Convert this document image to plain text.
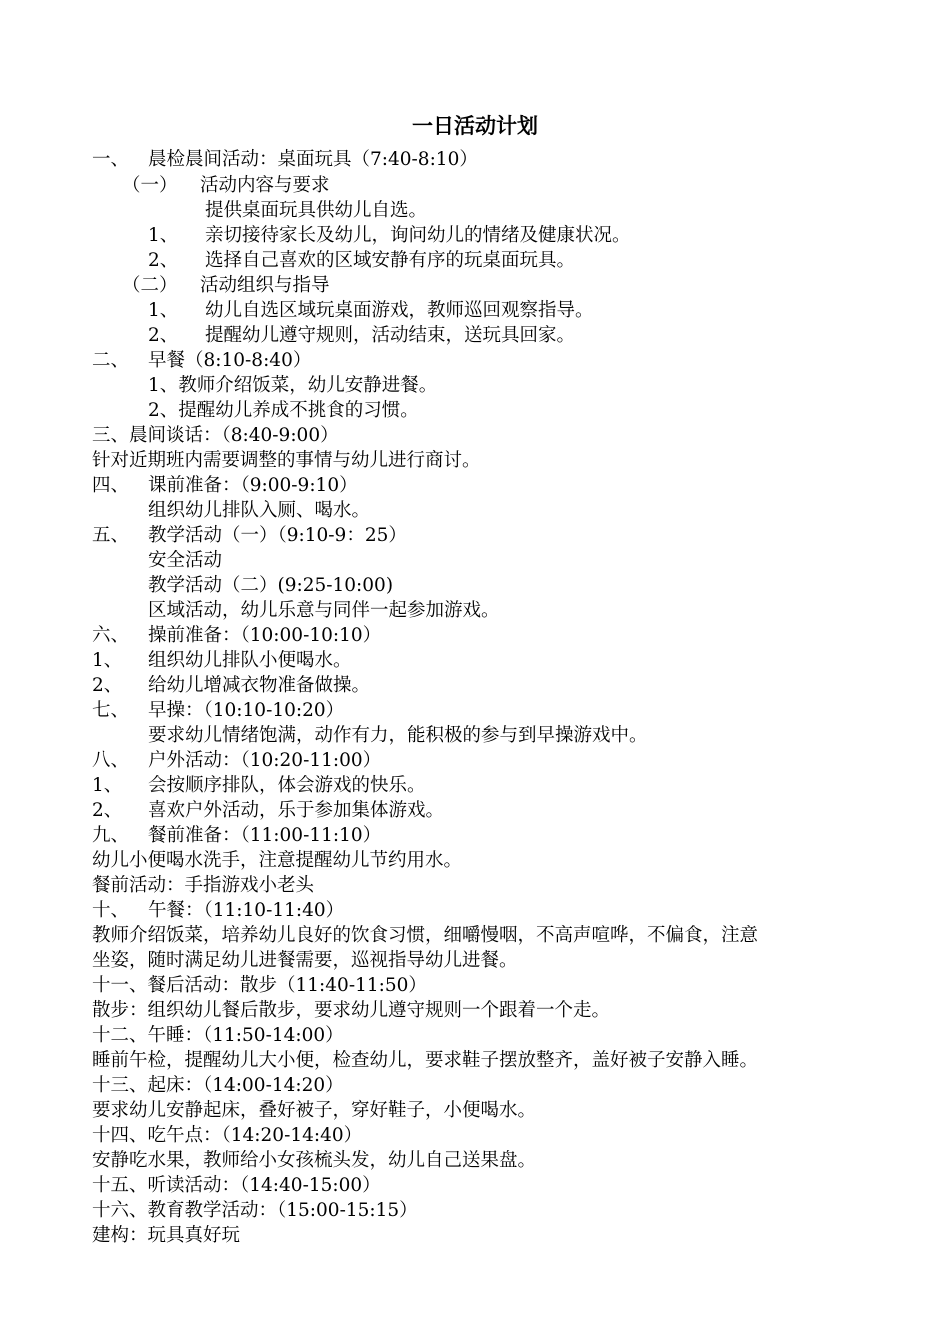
一日活动计划
一、 晨检晨间活动：桌面玩具（7:40-8:10）
（一） 活动内容与要求
提供桌面玩具供幼儿自选。
1、 亲切接待家长及幼儿，询问幼儿的情绪及健康状况。
2、 选择自己喜欢的区域安静有序的玩桌面玩具。
（二） 活动组织与指导
1、 幼儿自选区域玩桌面游戏，教师巡回观察指导。
2、 提醒幼儿遵守规则，活动结束，送玩具回家。
二、 早餐（8:10-8:40）
1、教师介绍饭菜，幼儿安静进餐。
2、提醒幼儿养成不挑食的习惯。
三、晨间谈话：（8:40-9:00）
针对近期班内需要调整的事情与幼儿进行商讨。
四、 课前准备：（9:00-9:10）
组织幼儿排队入厕、喝水。
五、 教学活动（一）（9:10-9：25）
安全活动
教学活动（二）(9:25-10:00)
区域活动，幼儿乐意与同伴一起参加游戏。
六、 操前准备：（10:00-10:10）
1、 组织幼儿排队小便喝水。
2、 给幼儿增减衣物准备做操。
七、 早操：（10:10-10:20）
要求幼儿情绪饱满，动作有力，能积极的参与到早操游戏中。
八、 户外活动：（10:20-11:00）
1、 会按顺序排队，体会游戏的快乐。
2、 喜欢户外活动，乐于参加集体游戏。
九、 餐前准备：（11:00-11:10）
幼儿小便喝水洗手，注意提醒幼儿节约用水。
餐前活动：手指游戏小老头
十、 午餐：（11:10-11:40）
教师介绍饭菜，培养幼儿良好的饮食习惯，细嚼慢咽，不高声喧哗，不偏食，注意
坐姿，随时满足幼儿进餐需要，巡视指导幼儿进餐。
十一、餐后活动：散步（11:40-11:50）
散步：组织幼儿餐后散步，要求幼儿遵守规则一个跟着一个走。
十二、午睡：（11:50-14:00）
睡前午检，提醒幼儿大小便，检查幼儿，要求鞋子摆放整齐，盖好被子安静入睡。
十三、起床：（14:00-14:20）
要求幼儿安静起床，叠好被子，穿好鞋子，小便喝水。
十四、吃午点：（14:20-14:40）
安静吃水果，教师给小女孩梳头发，幼儿自己送果盘。
十五、听读活动：（14:40-15:00）
十六、教育教学活动：（15:00-15:15）
建构：玩具真好玩
